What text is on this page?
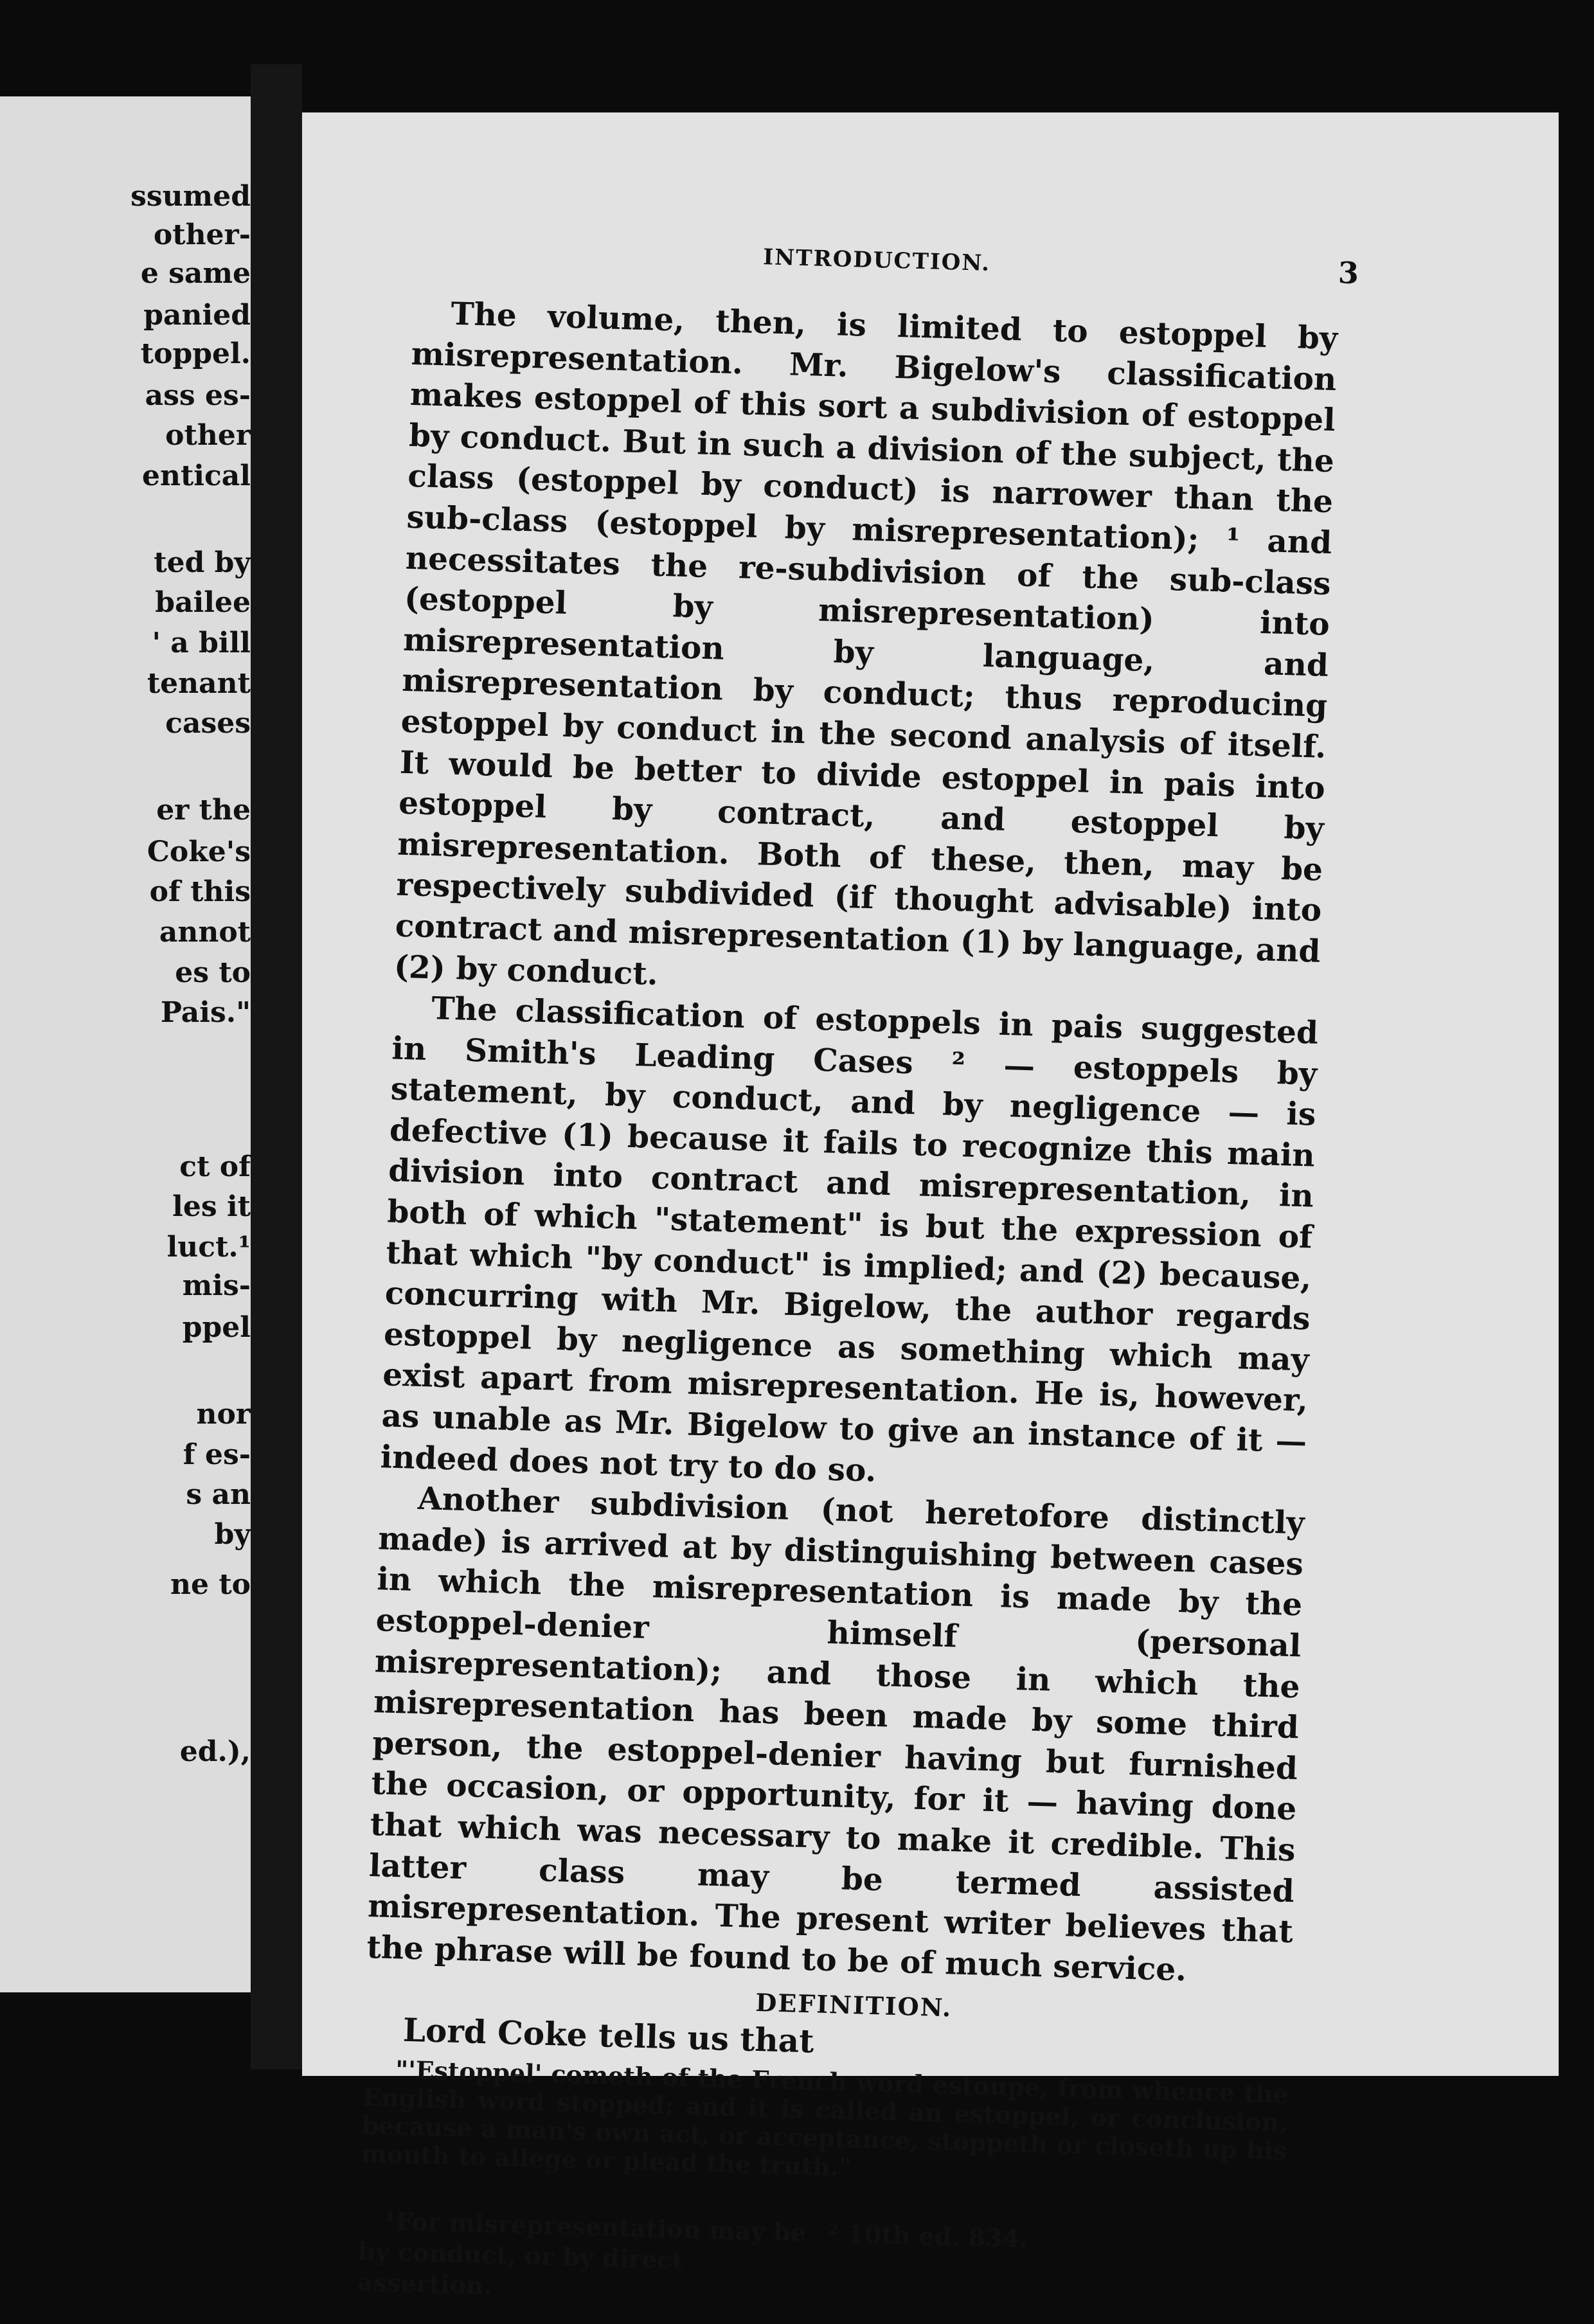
ssumed
other-
e same
panied
toppel.
ass es-
other
entical
ted by
bailee
' a bill
tenant
cases
er the
Coke's
of this
annot
es to
Pais."
ct of
les it
luct.¹
mis-
ppel
nor
f es-
s an
by
ne to
ed.),
INTRODUCTION.	3

The volume, then, is limited to estoppel by misrepresentation. Mr. Bigelow's classification makes estoppel of this sort a subdivision of estoppel by conduct. But in such a division of the subject, the class (estoppel by conduct) is narrower than the sub-class (estoppel by misrepresentation); ¹ and necessitates the re-subdivision of the sub-class (estoppel by misrepresentation) into misrepresentation by language, and misrepresentation by conduct; thus reproducing estoppel by conduct in the second analysis of itself. It would be better to divide estoppel in pais into estoppel by contract, and estoppel by misrepresentation. Both of these, then, may be respectively subdivided (if thought advisable) into contract and misrepresentation (1) by language, and (2) by conduct.

The classification of estoppels in pais suggested in Smith's Leading Cases ² — estoppels by statement, by conduct, and by negligence — is defective (1) because it fails to recognize this main division into contract and misrepresentation, in both of which "statement" is but the expression of that which "by conduct" is implied; and (2) because, concurring with Mr. Bigelow, the author regards estoppel by negligence as something which may exist apart from misrepresentation. He is, however, as unable as Mr. Bigelow to give an instance of it — indeed does not try to do so.

Another subdivision (not heretofore distinctly made) is arrived at by distinguishing between cases in which the misrepresentation is made by the estoppel-denier himself (personal misrepresentation); and those in which the misrepresentation has been made by some third person, the estoppel-denier having but furnished the occasion, or opportunity, for it — having done that which was necessary to make it credible. This latter class may be termed assisted misrepresentation. The present writer believes that the phrase will be found to be of much service.

DEFINITION.

Lord Coke tells us that

"'Estoppel' cometh of the French word estoupe, from whence the English word stopped; and it is called an estoppel, or conclusion, because a man's own act, or acceptance, stoppeth or closeth up his mouth to allege or plead the truth."

¹For misrepresentation may be by conduct, or by direct assertion.
² 10th ed. 834.
